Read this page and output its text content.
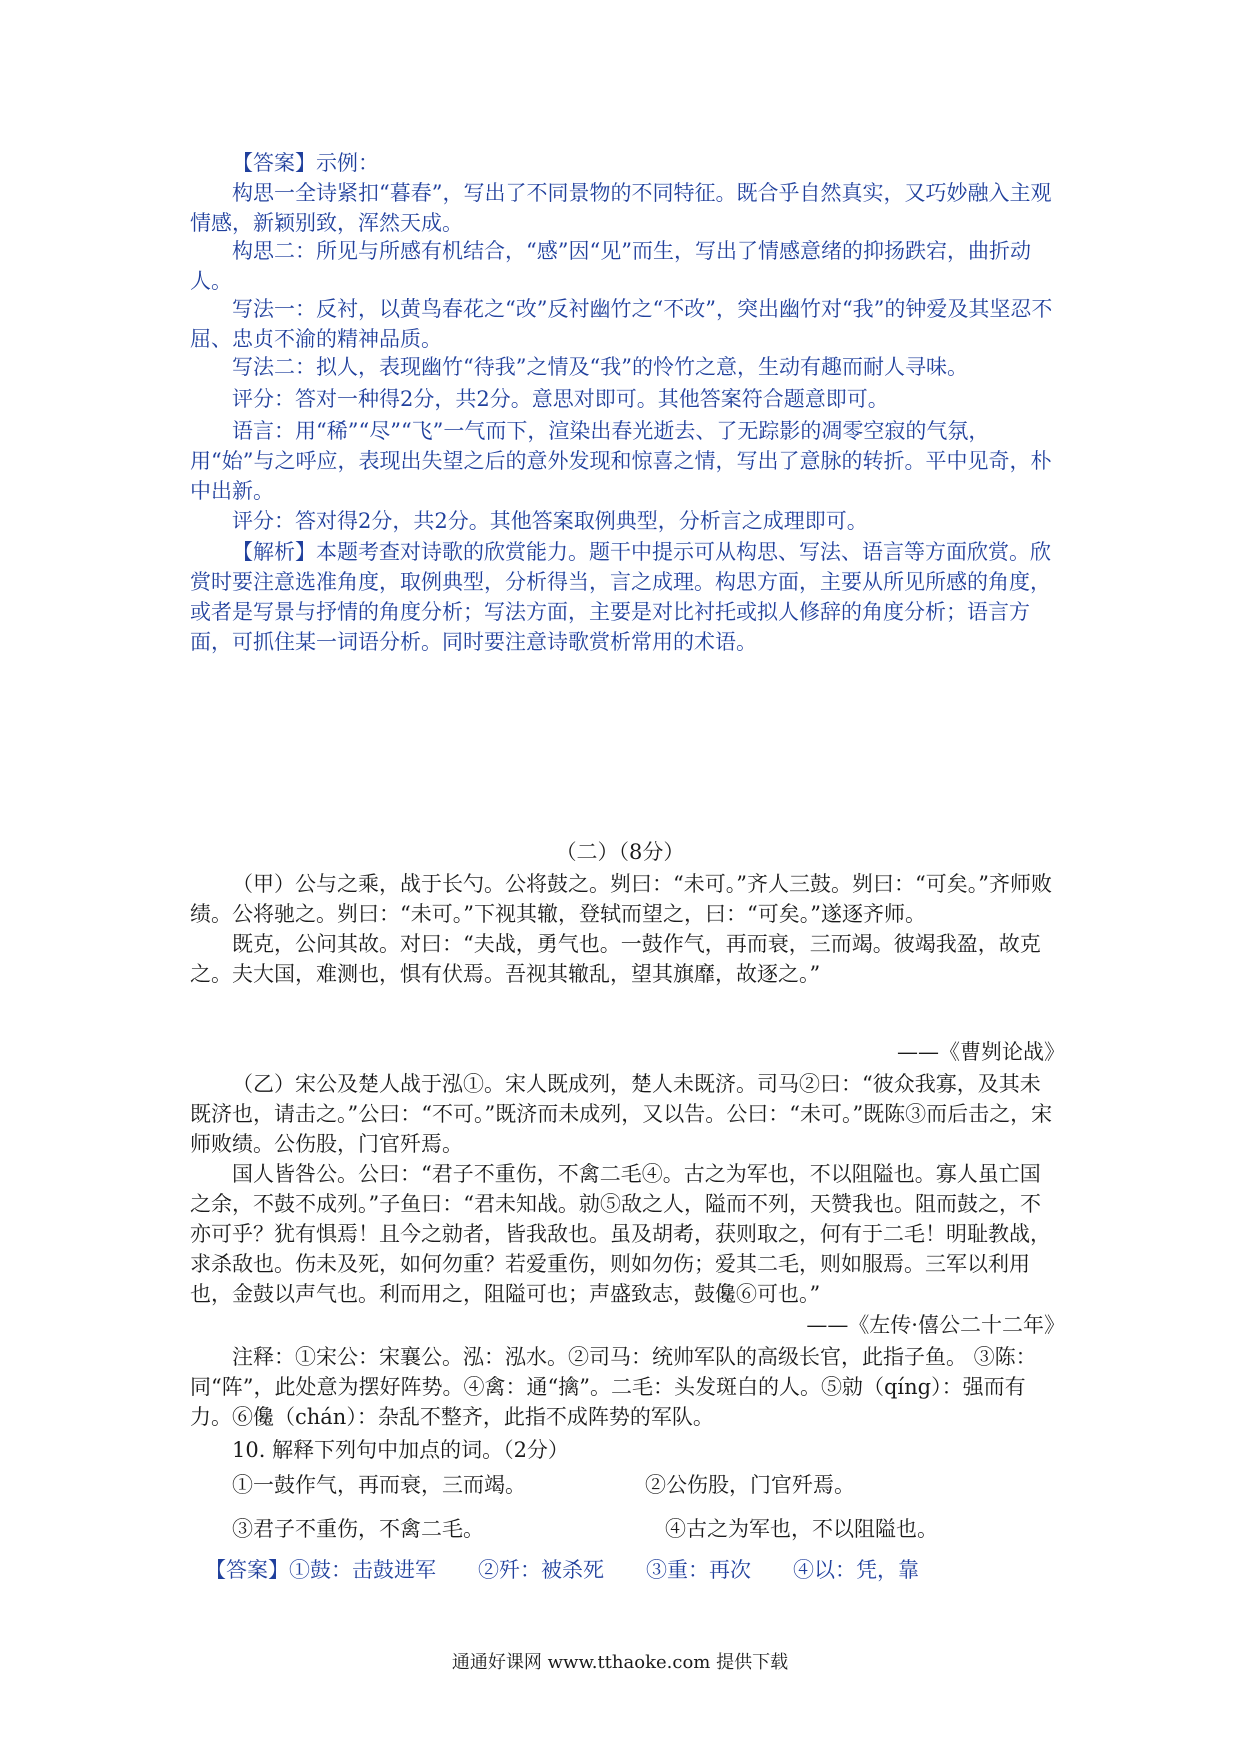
【答案】示例：
构思一全诗紧扣“暮春”，写出了不同景物的不同特征。既合乎自然真实，又巧妙融入主观情感，新颖别致，浑然天成。
构思二：所见与所感有机结合，“感”因“见”而生，写出了情感意绪的抑扬跌宕，曲折动人。
写法一：反衬，以黄鸟春花之“改”反衬幽竹之“不改”，突出幽竹对“我”的钟爱及其坚忍不屈、忠贞不渝的精神品质。
写法二：拟人，表现幽竹“待我”之情及“我”的怜竹之意，生动有趣而耐人寻味。
评分：答对一种得2分，共2分。意思对即可。其他答案符合题意即可。
语言：用“稀”“尽”“飞”一气而下，渲染出春光逝去、了无踪影的凋零空寂的气氛，用“始”与之呼应，表现出失望之后的意外发现和惊喜之情，写出了意脉的转折。平中见奇，朴中出新。
评分：答对得2分，共2分。其他答案取例典型，分析言之成理即可。
【解析】本题考查对诗歌的欣赏能力。题干中提示可从构思、写法、语言等方面欣赏。欣赏时要注意选准角度，取例典型，分析得当，言之成理。构思方面，主要从所见所感的角度，或者是写景与抒情的角度分析；写法方面，主要是对比衬托或拟人修辞的角度分析；语言方面，可抓住某一词语分析。同时要注意诗歌赏析常用的术语。
（二）（8分）
（甲）公与之乘，战于长勺。公将鼓之。刿曰：“未可。”齐人三鼓。刿曰：“可矣。”齐师败绩。公将驰之。刿曰：“未可。”下视其辙，登轼而望之，曰：“可矣。”遂逐齐师。
既克，公问其故。对曰：“夫战，勇气也。一鼓作气，再而衰，三而竭。彼竭我盈，故克之。夫大国，难测也，惧有伏焉。吾视其辙乱，望其旗靡，故逐之。”
——《曹刿论战》
（乙）宋公及楚人战于泓①。宋人既成列，楚人未既济。司马②曰：“彼众我寡，及其未既济也，请击之。”公曰：“不可。”既济而未成列，又以告。公曰：“未可。”既陈③而后击之，宋师败绩。公伤股，门官歼焉。
国人皆咎公。公曰：“君子不重伤，不禽二毛④。古之为军也，不以阻隘也。寡人虽亡国之余，不鼓不成列。”子鱼曰：“君未知战。勍⑤敌之人，隘而不列，天赞我也。阻而鼓之，不亦可乎？犹有惧焉！且今之勍者，皆我敌也。虽及胡耇，获则取之，何有于二毛！明耻教战，求杀敌也。伤未及死，如何勿重？若爱重伤，则如勿伤；爱其二毛，则如服焉。三军以利用也，金鼓以声气也。利而用之，阻隘可也；声盛致志，鼓儳⑥可也。”
——《左传·僖公二十二年》
注释：①宋公：宋襄公。泓：泓水。②司马：统帅军队的高级长官，此指子鱼。 ③陈：同“阵”，此处意为摆好阵势。④禽：通“擒”。二毛：头发斑白的人。⑤勍（qíng）：强而有力。⑥儳（chán）：杂乱不整齐，此指不成阵势的军队。
10. 解释下列句中加点的词。（2分）
①一鼓作气，再而衰，三而竭。	②公伤股，门官歼焉。
③君子不重伤，不禽二毛。	④古之为军也，不以阻隘也。
【答案】①鼓：击鼓进军　　②歼：被杀死　　③重：再次　　④以：凭，靠
通通好课网 www.tthaoke.com 提供下载
